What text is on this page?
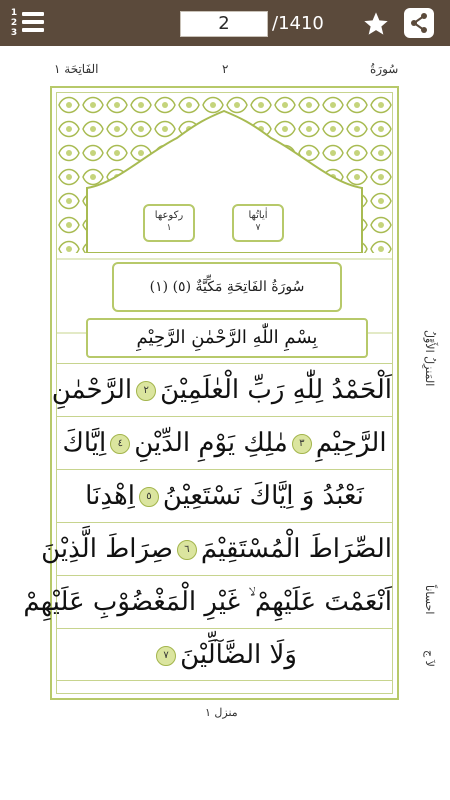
1
2
3	2	/1410
الفَاتِحَة ١	٢	سُورَةُ
رکوعها
١
اٰیاتُها
٧
(١) سُورَةُ الفَاتِحَةِ مَكِّيَّةٌ (٥)
بِسْمِ اللّٰهِ الرَّحْمٰنِ الرَّحِيْمِ
اَلْحَمْدُ لِلّٰهِ رَبِّ الْعٰلَمِيْنَ٢الرَّحْمٰنِ
الرَّحِيْمِ٣مٰلِكِ يَوْمِ الدِّيْنِ٤اِيَّاكَ
نَعْبُدُ وَ اِيَّاكَ نَسْتَعِيْنُ٥اِهْدِنَا
الصِّرَاطَ الْمُسْتَقِيْمَ٦صِرَاطَ الَّذِيْنَ
اَنْعَمْتَ عَلَيْهِمْ ۙ غَيْرِ الْمَغْضُوْبِ عَلَيْهِمْ
وَلَا الضَّآلِّيْنَ٧
المَنزِلُ الأَوَّلُ
احساناً
لاَ ج
منزل ١
